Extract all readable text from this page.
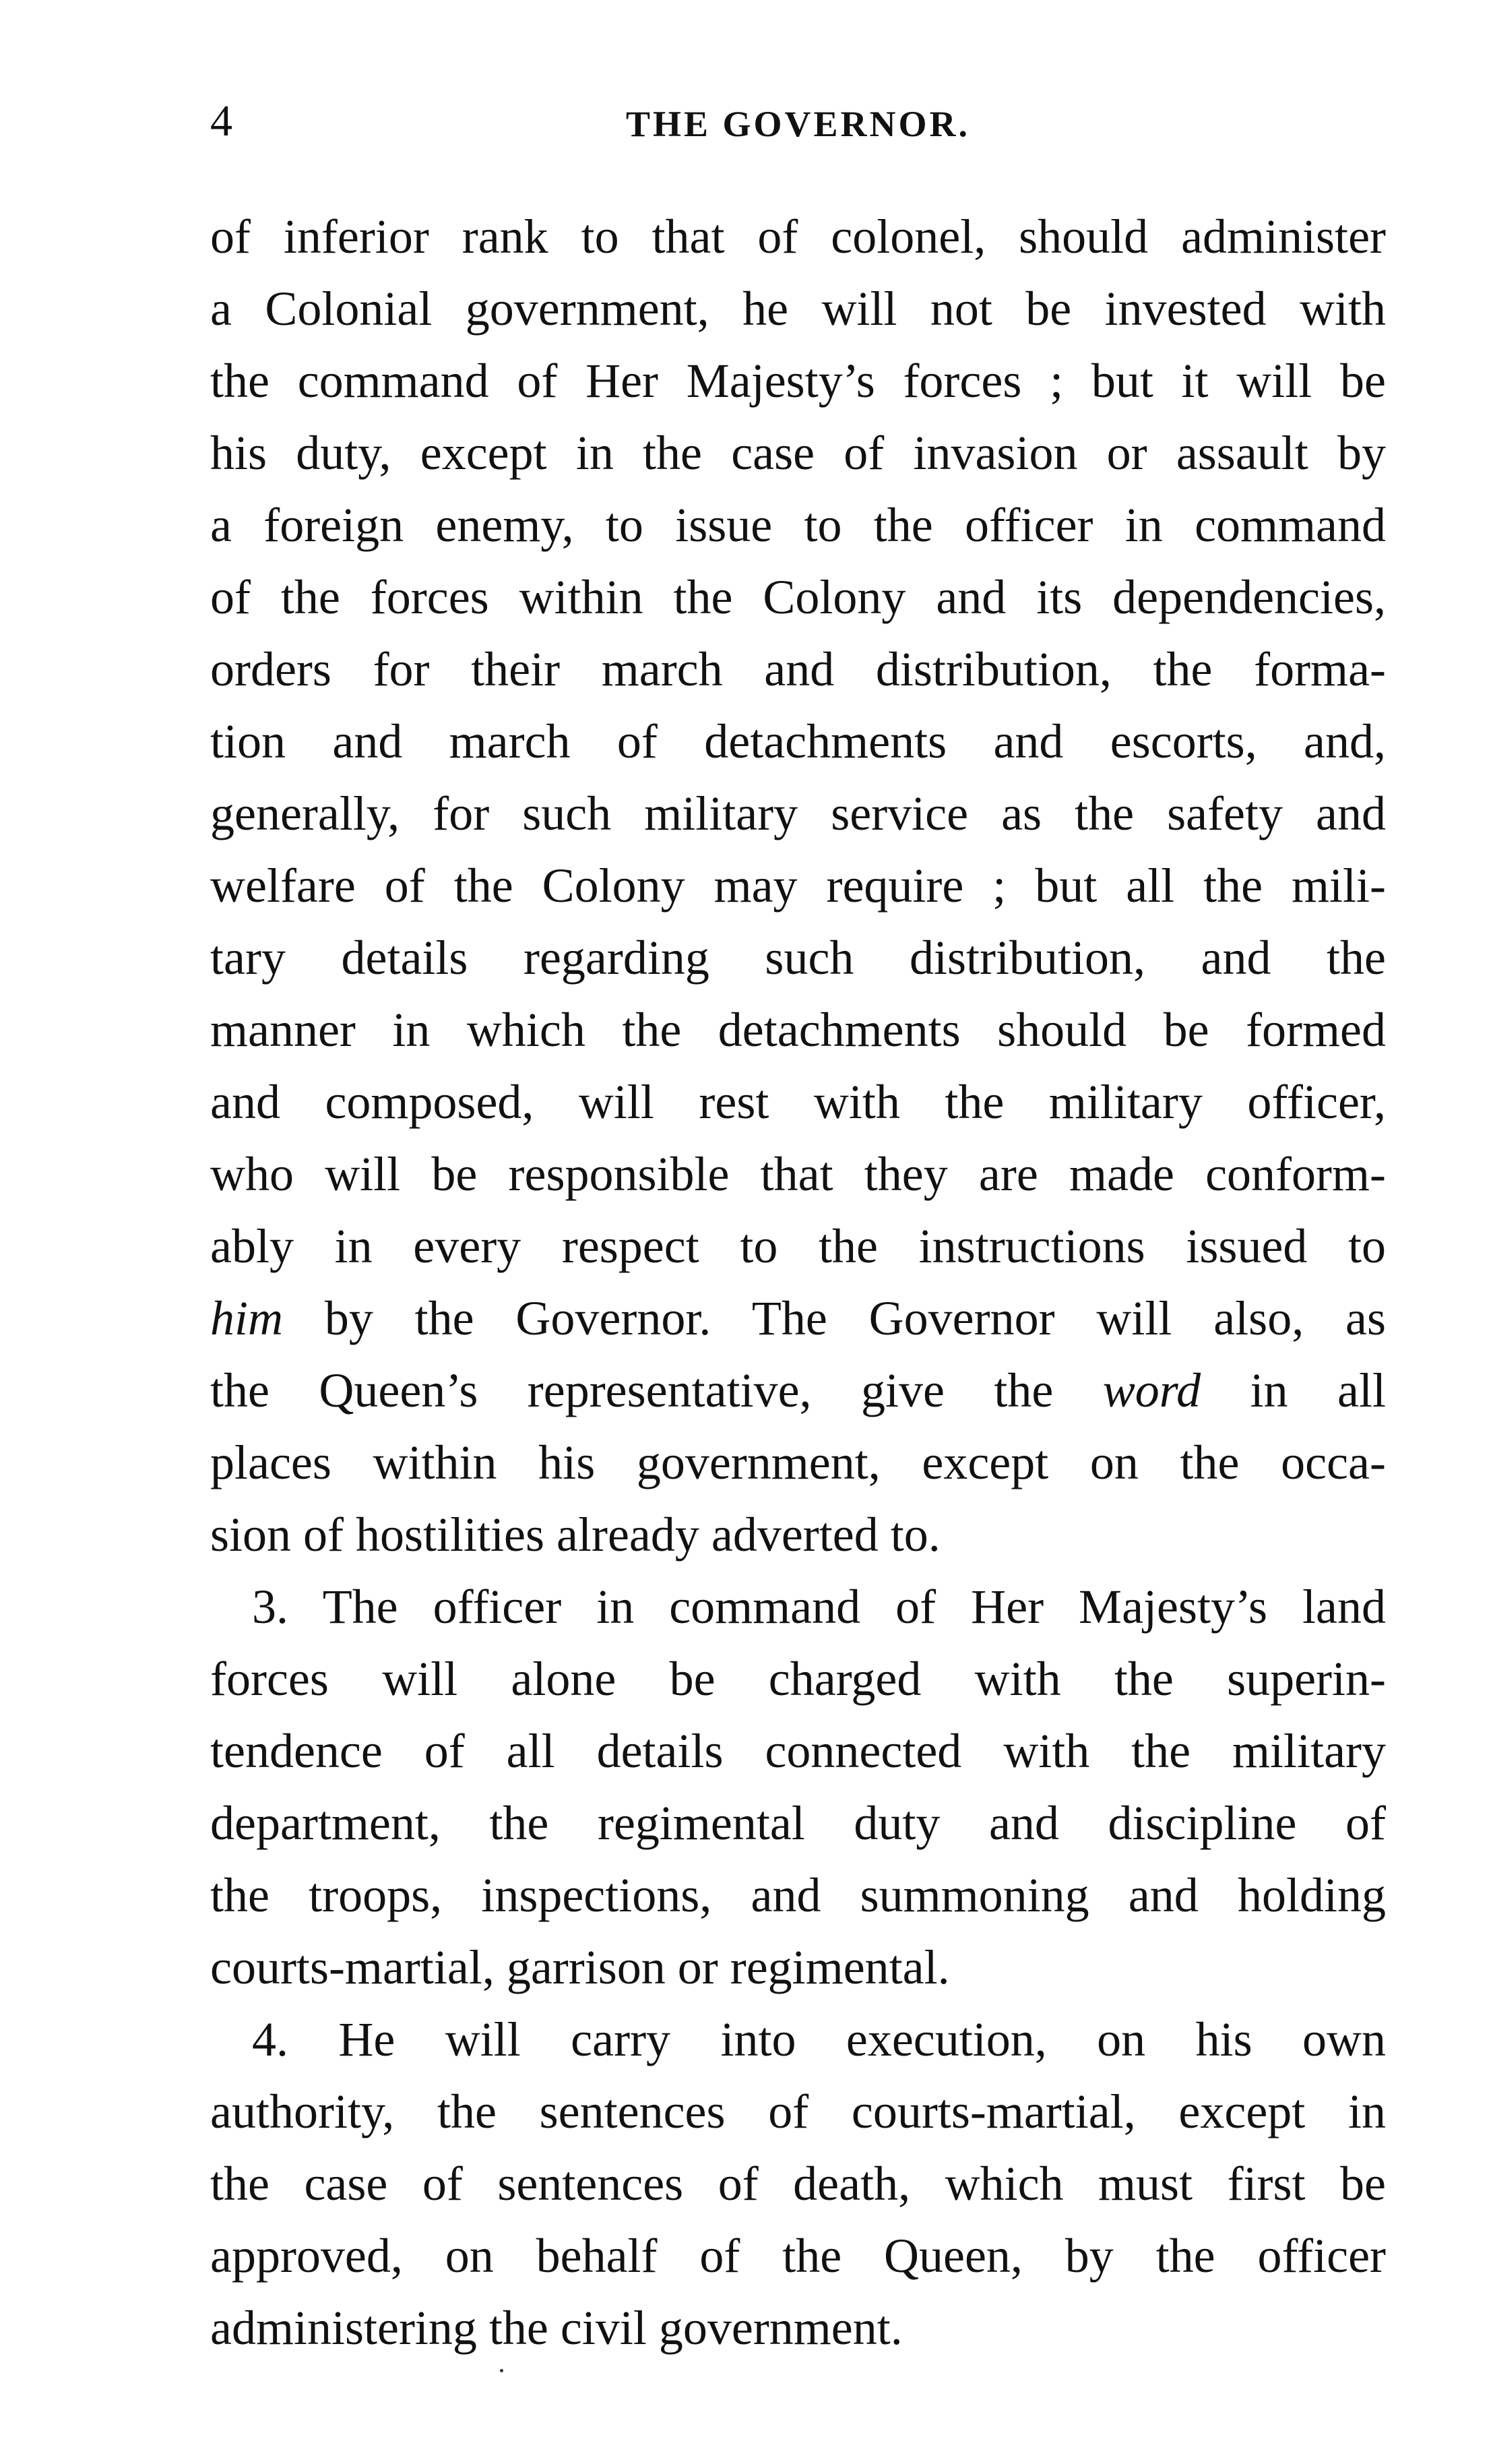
4	THE GOVERNOR.
of inferior rank to that of colonel, should administer
a Colonial government, he will not be invested with
the command of Her Majesty’s forces ; but it will be
his duty, except in the case of invasion or assault by
a foreign enemy, to issue to the officer in command
of the forces within the Colony and its dependencies,
orders for their march and distribution, the forma-
tion and march of detachments and escorts, and,
generally, for such military service as the safety and
welfare of the Colony may require ; but all the mili-
tary details regarding such distribution, and the
manner in which the detachments should be formed
and composed, will rest with the military officer,
who will be responsible that they are made conform-
ably in every respect to the instructions issued to
him by the Governor. The Governor will also, as
the Queen’s representative, give the word in all
places within his government, except on the occa-
sion of hostilities already adverted to.
3. The officer in command of Her Majesty’s land
forces will alone be charged with the superin-
tendence of all details connected with the military
department, the regimental duty and discipline of
the troops, inspections, and summoning and holding
courts-martial, garrison or regimental.
4. He will carry into execution, on his own
authority, the sentences of courts-martial, except in
the case of sentences of death, which must first be
approved, on behalf of the Queen, by the officer
administering the civil government.
